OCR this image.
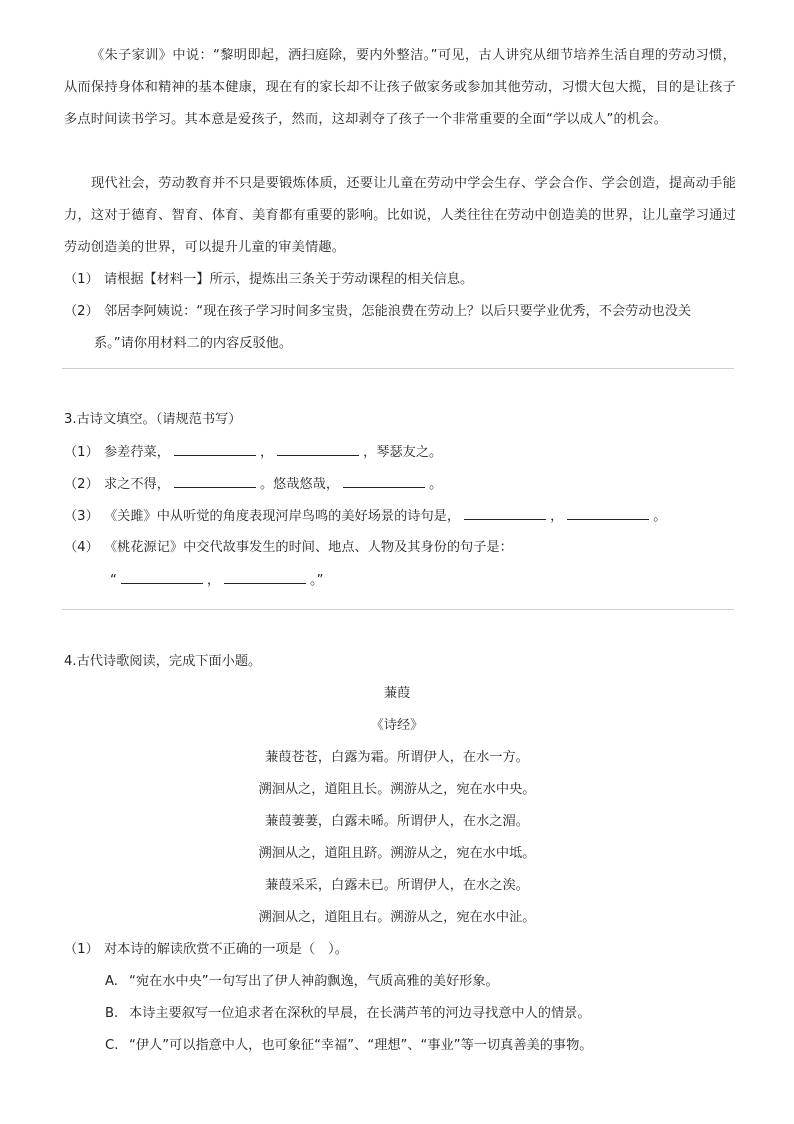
《朱子家训》中说：“黎明即起，洒扫庭除，要内外整洁。”可见，古人讲究从细节培养生活自理的劳动习惯，从而保持身体和精神的基本健康，现在有的家长却不让孩子做家务或参加其他劳动，习惯大包大揽，目的是让孩子多点时间读书学习。其本意是爱孩子，然而，这却剥夺了孩子一个非常重要的全面“学以成人”的机会。
现代社会，劳动教育并不只是要锻炼体质，还要让儿童在劳动中学会生存、学会合作、学会创造，提高动手能力，这对于德育、智育、体育、美育都有重要的影响。比如说，人类往往在劳动中创造美的世界，让儿童学习通过劳动创造美的世界，可以提升儿童的审美情趣。
（1） 请根据【材料一】所示，提炼出三条关于劳动课程的相关信息。
（2） 邻居李阿姨说：“现在孩子学习时间多宝贵，怎能浪费在劳动上？以后只要学业优秀，不会劳动也没关
系。”请你用材料二的内容反驳他。
3.古诗文填空。（请规范书写）
（1） 参差荇菜，	，	，琴瑟友之。
（2） 求之不得，	。悠哉悠哉，	。
（3） 《关雎》中从听觉的角度表现河岸鸟鸣的美好场景的诗句是，	，	。
（4） 《桃花源记》中交代故事发生的时间、地点、人物及其身份的句子是：
“	，	。”
4.古代诗歌阅读，完成下面小题。
蒹葭
《诗经》
蒹葭苍苍，白露为霜。所谓伊人，在水一方。
溯洄从之，道阻且长。溯游从之，宛在水中央。
蒹葭萋萋，白露未晞。所谓伊人，在水之湄。
溯洄从之，道阻且跻。溯游从之，宛在水中坻。
蒹葭采采，白露未已。所谓伊人，在水之涘。
溯洄从之，道阻且右。溯游从之，宛在水中沚。
（1） 对本诗的解读欣赏不正确的一项是（　）。
A. “宛在水中央”一句写出了伊人神韵飘逸，气质高雅的美好形象。
B. 本诗主要叙写一位追求者在深秋的早晨，在长满芦苇的河边寻找意中人的情景。
C. “伊人”可以指意中人，也可象征“幸福”、“理想”、“事业”等一切真善美的事物。
